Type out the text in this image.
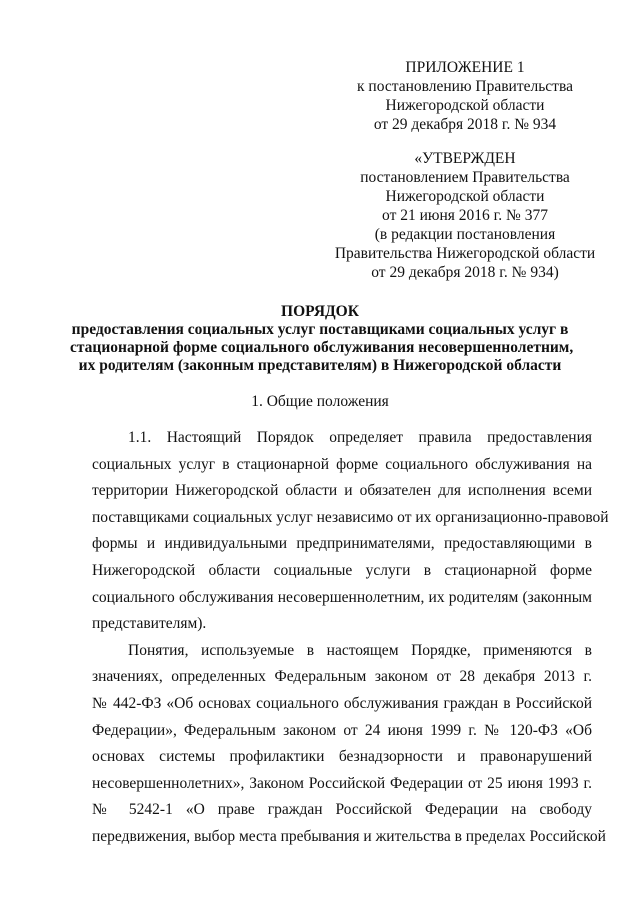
ПРИЛОЖЕНИЕ 1
к постановлению Правительства
Нижегородской области
от 29 декабря 2018 г. № 934
«УТВЕРЖДЕН
постановлением Правительства
Нижегородской области
от 21 июня 2016 г. № 377
(в редакции постановления
Правительства Нижегородской области
от 29 декабря 2018 г. № 934)
ПОРЯДОК
предоставления социальных услуг поставщиками социальных услуг в
стационарной форме социального обслуживания несовершеннолетним,
их родителям (законным представителям) в Нижегородской области
1. Общие положения
1.1. Настоящий Порядок определяет правила предоставления
социальных услуг в стационарной форме социального обслуживания на
территории Нижегородской области и обязателен для исполнения всеми
поставщиками социальных услуг независимо от их организационно-правовой
формы и индивидуальными предпринимателями, предоставляющими в
Нижегородской области социальные услуги в стационарной форме
социального обслуживания несовершеннолетним, их родителям (законным
представителям).
Понятия, используемые в настоящем Порядке, применяются в
значениях, определенных Федеральным законом от 28 декабря 2013 г.
№ 442-ФЗ «Об основах социального обслуживания граждан в Российской
Федерации», Федеральным законом от 24 июня 1999 г. № 120-ФЗ «Об
основах системы профилактики безнадзорности и правонарушений
несовершеннолетних», Законом Российской Федерации от 25 июня 1993 г.
№ 5242-1 «О праве граждан Российской Федерации на свободу
передвижения, выбор места пребывания и жительства в пределах Российской
